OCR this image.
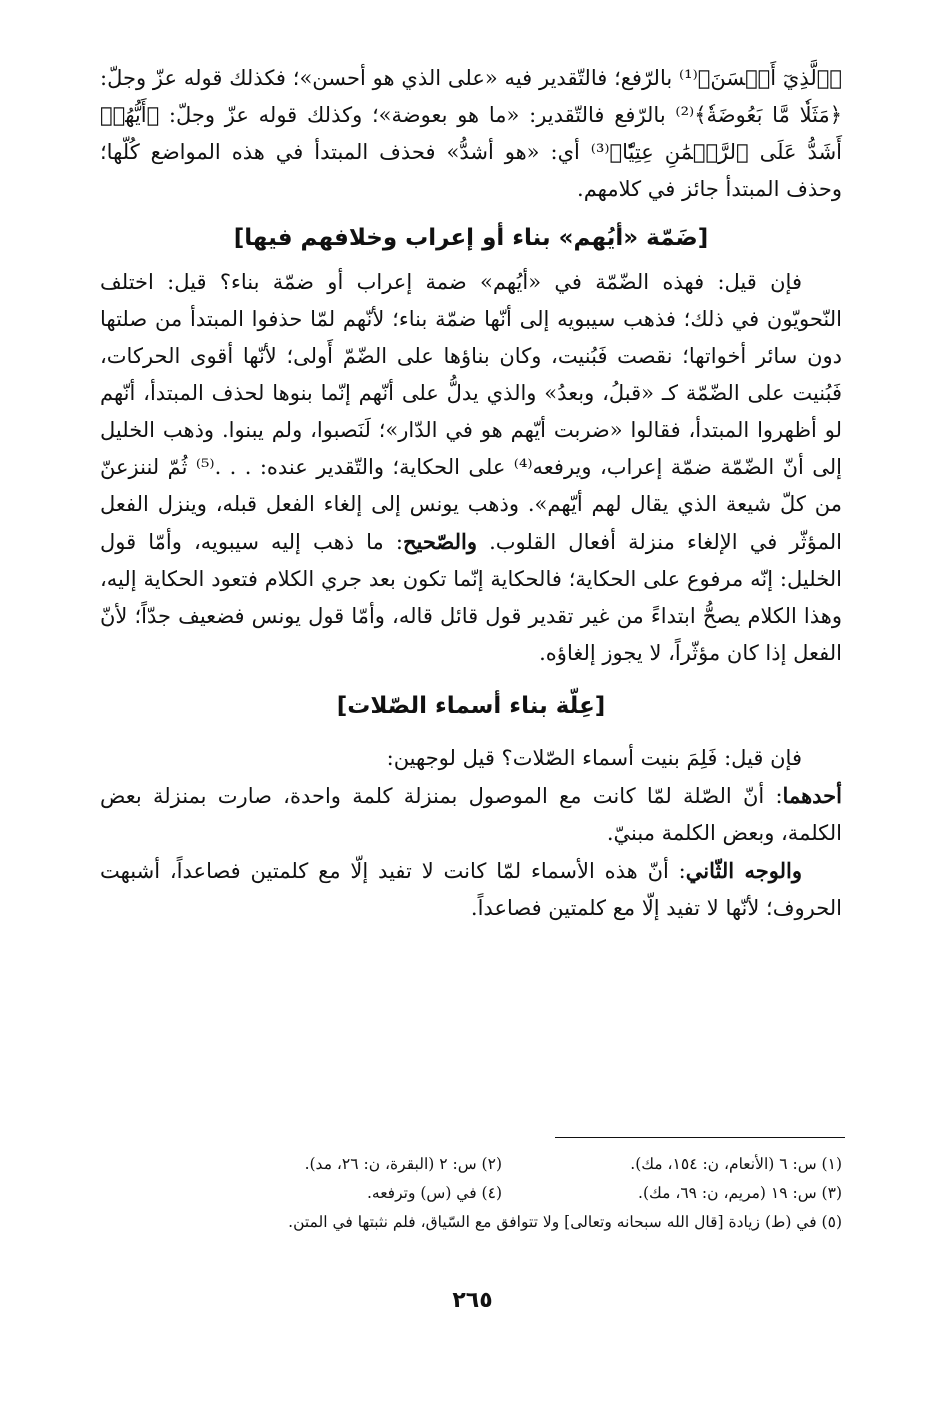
﴿ٱلَّذِيٓ أَحۡسَنَ﴾⁽¹⁾ بالرّفع؛ فالتّقدير فيه «على الذي هو أحسن»؛ فكذلك قوله عزّ وجلّ: ﴿مَثَلٗا مَّا بَعُوضَةٗ﴾⁽²⁾ بالرّفع فالتّقدير: «ما هو بعوضة»؛ وكذلك قوله عزّ وجلّ: ﴿أَيُّهُمۡ أَشَدُّ عَلَى ٱلرَّحۡمَٰنِ عِتِيّٗا﴾⁽³⁾ أي: «هو أشدُّ» فحذف المبتدأ في هذه المواضع كُلّها؛ وحذف المبتدأ جائز في كلامهم.

[ضَمّة «أيُهم» بناء أو إعراب وخلافهم فيها]

فإن قيل: فهذه الضّمّة في «أيُهم» ضمة إعراب أو ضمّة بناء؟ قيل: اختلف النّحويّون في ذلك؛ فذهب سيبويه إلى أنّها ضمّة بناء؛ لأنّهم لمّا حذفوا المبتدأ من صلتها دون سائر أخواتها؛ نقصت فَبُنيت، وكان بناؤها على الضّمّ أَولى؛ لأنّها أقوى الحركات، فَبُنيت على الضّمّة كـ «قبلُ، وبعدُ» والذي يدلُّ على أنّهم إنّما بنوها لحذف المبتدأ، أنّهم لو أظهروا المبتدأ، فقالوا «ضربت أيّهم هو في الدّار»؛ لَنَصبوا، ولم يبنوا. وذهب الخليل إلى أنّ الضّمّة ضمّة إعراب، ويرفعه⁽⁴⁾ على الحكاية؛ والتّقدير عنده: . . .⁽⁵⁾ ثُمّ لننزعنّ من كلّ شيعة الذي يقال لهم أيّهم». وذهب يونس إلى إلغاء الفعل قبله، وينزل الفعل المؤثّر في الإلغاء منزلة أفعال القلوب. والصّحيح: ما ذهب إليه سيبويه، وأمّا قول الخليل: إنّه مرفوع على الحكاية؛ فالحكاية إنّما تكون بعد جري الكلام فتعود الحكاية إليه، وهذا الكلام يصحُّ ابتداءً من غير تقدير قول قائل قاله، وأمّا قول يونس فضعيف جدّاً؛ لأنّ الفعل إذا كان مؤثّراً، لا يجوز إلغاؤه.

[عِلّة بناء أسماء الصّلات]

فإن قيل: فَلِمَ بنيت أسماء الصّلات؟ قيل لوجهين:

أحدهما: أنّ الصّلة لمّا كانت مع الموصول بمنزلة كلمة واحدة، صارت بمنزلة بعض الكلمة، وبعض الكلمة مبنيّ.

والوجه الثّاني: أنّ هذه الأسماء لمّا كانت لا تفيد إلّا مع كلمتين فصاعداً، أشبهت الحروف؛ لأنّها لا تفيد إلّا مع كلمتين فصاعداً.

(١) س: ٦ (الأنعام، ن: ١٥٤، مك).
(٢) س: ٢ (البقرة، ن: ٢٦، مد).
(٣) س: ١٩ (مريم، ن: ٦٩، مك).
(٤) في (س) وترفعه.
(٥) في (ط) زيادة [قال الله سبحانه وتعالى] ولا تتوافق مع السّياق، فلم نثبتها في المتن.
٢٦٥
